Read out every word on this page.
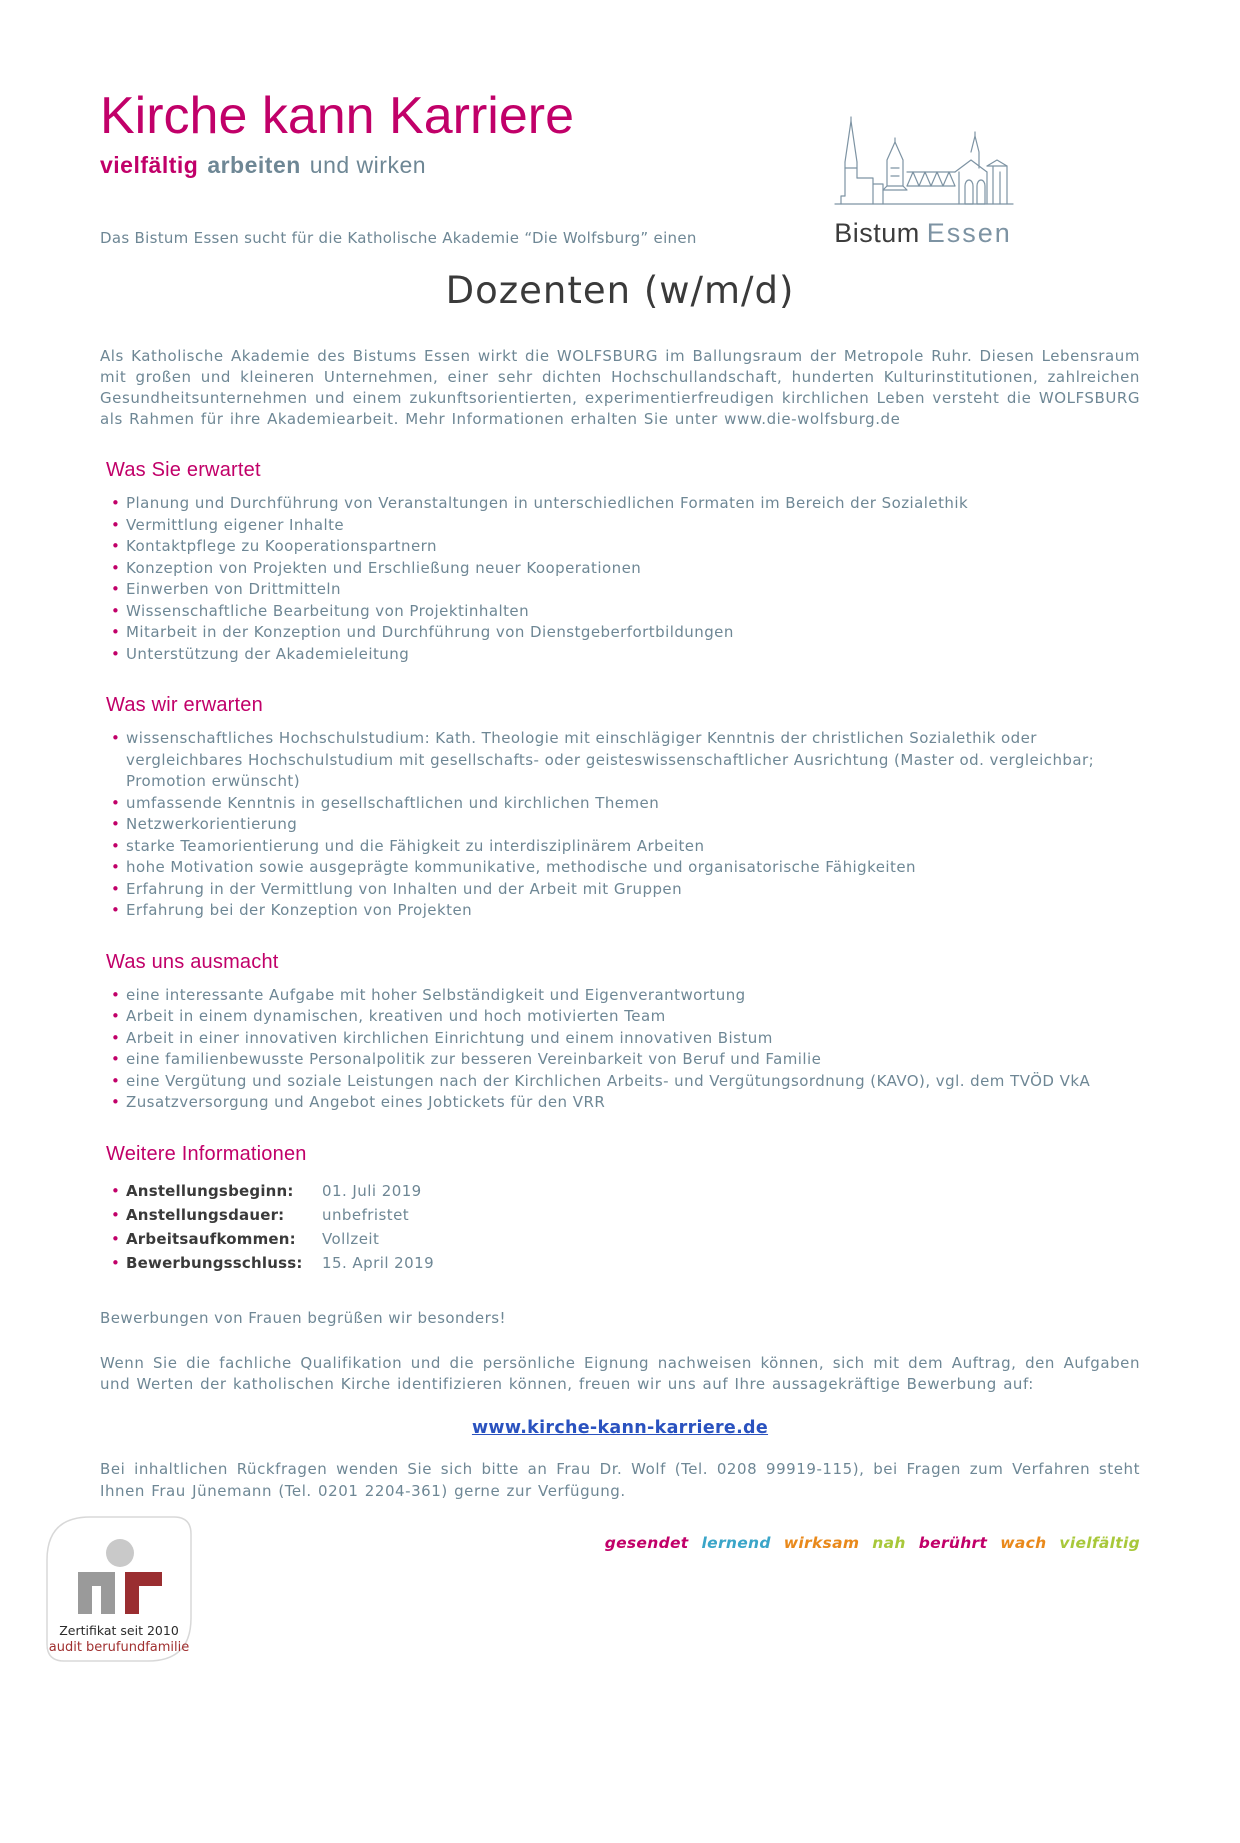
Bistum Essen
Kirche kann Karriere
vielfältig arbeiten und wirken
Das Bistum Essen sucht für die Katholische Akademie “Die Wolfsburg” einen
Dozenten (w/m/d)
Als Katholische Akademie des Bistums Essen wirkt die WOLFSBURG im Ballungsraum der Metropole Ruhr. Diesen Lebensraum mit großen und kleineren Unternehmen, einer sehr dichten Hochschullandschaft, hunderten Kulturinstitutionen, zahlreichen Gesundheitsunternehmen und einem zukunftsorientierten, experimentierfreudigen kirchlichen Leben versteht die WOLFSBURG als Rahmen für ihre Akademiearbeit. Mehr Informationen erhalten Sie unter www.die-wolfsburg.de
Was Sie erwartet
• Planung und Durchführung von Veranstaltungen in unterschiedlichen Formaten im Bereich der Sozialethik
• Vermittlung eigener Inhalte
• Kontaktpflege zu Kooperationspartnern
• Konzeption von Projekten und Erschließung neuer Kooperationen
• Einwerben von Drittmitteln
• Wissenschaftliche Bearbeitung von Projektinhalten
• Mitarbeit in der Konzeption und Durchführung von Dienstgeberfortbildungen
• Unterstützung der Akademieleitung
Was wir erwarten
• wissenschaftliches Hochschulstudium: Kath. Theologie mit einschlägiger Kenntnis der christlichen Sozialethik oder vergleichbares Hochschulstudium mit gesellschafts- oder geisteswissenschaftlicher Ausrichtung (Master od. vergleichbar; Promotion erwünscht)
• umfassende Kenntnis in gesellschaftlichen und kirchlichen Themen
• Netzwerkorientierung
• starke Teamorientierung und die Fähigkeit zu interdisziplinärem Arbeiten
• hohe Motivation sowie ausgeprägte kommunikative, methodische und organisatorische Fähigkeiten
• Erfahrung in der Vermittlung von Inhalten und der Arbeit mit Gruppen
• Erfahrung bei der Konzeption von Projekten
Was uns ausmacht
• eine interessante Aufgabe mit hoher Selbständigkeit und Eigenverantwortung
• Arbeit in einem dynamischen, kreativen und hoch motivierten Team
• Arbeit in einer innovativen kirchlichen Einrichtung und einem innovativen Bistum
• eine familienbewusste Personalpolitik zur besseren Vereinbarkeit von Beruf und Familie
• eine Vergütung und soziale Leistungen nach der Kirchlichen Arbeits- und Vergütungsordnung (KAVO), vgl. dem TVÖD VkA
• Zusatzversorgung und Angebot eines Jobtickets für den VRR
Weitere Informationen
• Anstellungsbeginn: 01. Juli 2019
• Anstellungsdauer:	unbefristet
• Arbeitsaufkommen: Vollzeit
• Bewerbungsschluss: 15. April 2019
Bewerbungen von Frauen begrüßen wir besonders!
Wenn Sie die fachliche Qualifikation und die persönliche Eignung nachweisen können, sich mit dem Auftrag, den Aufgaben und Werten der katholischen Kirche identifizieren können, freuen wir uns auf Ihre aussagekräftige Bewerbung auf:
www.kirche-kann-karriere.de
Bei inhaltlichen Rückfragen wenden Sie sich bitte an Frau Dr. Wolf (Tel. 0208 99919-115), bei Fragen zum Verfahren steht Ihnen Frau Jünemann (Tel. 0201 2204-361) gerne zur Verfügung.
Zertifikat seit 2010
audit berufundfamilie
gesendet lernend wirksam nah berührt wach vielfältig
